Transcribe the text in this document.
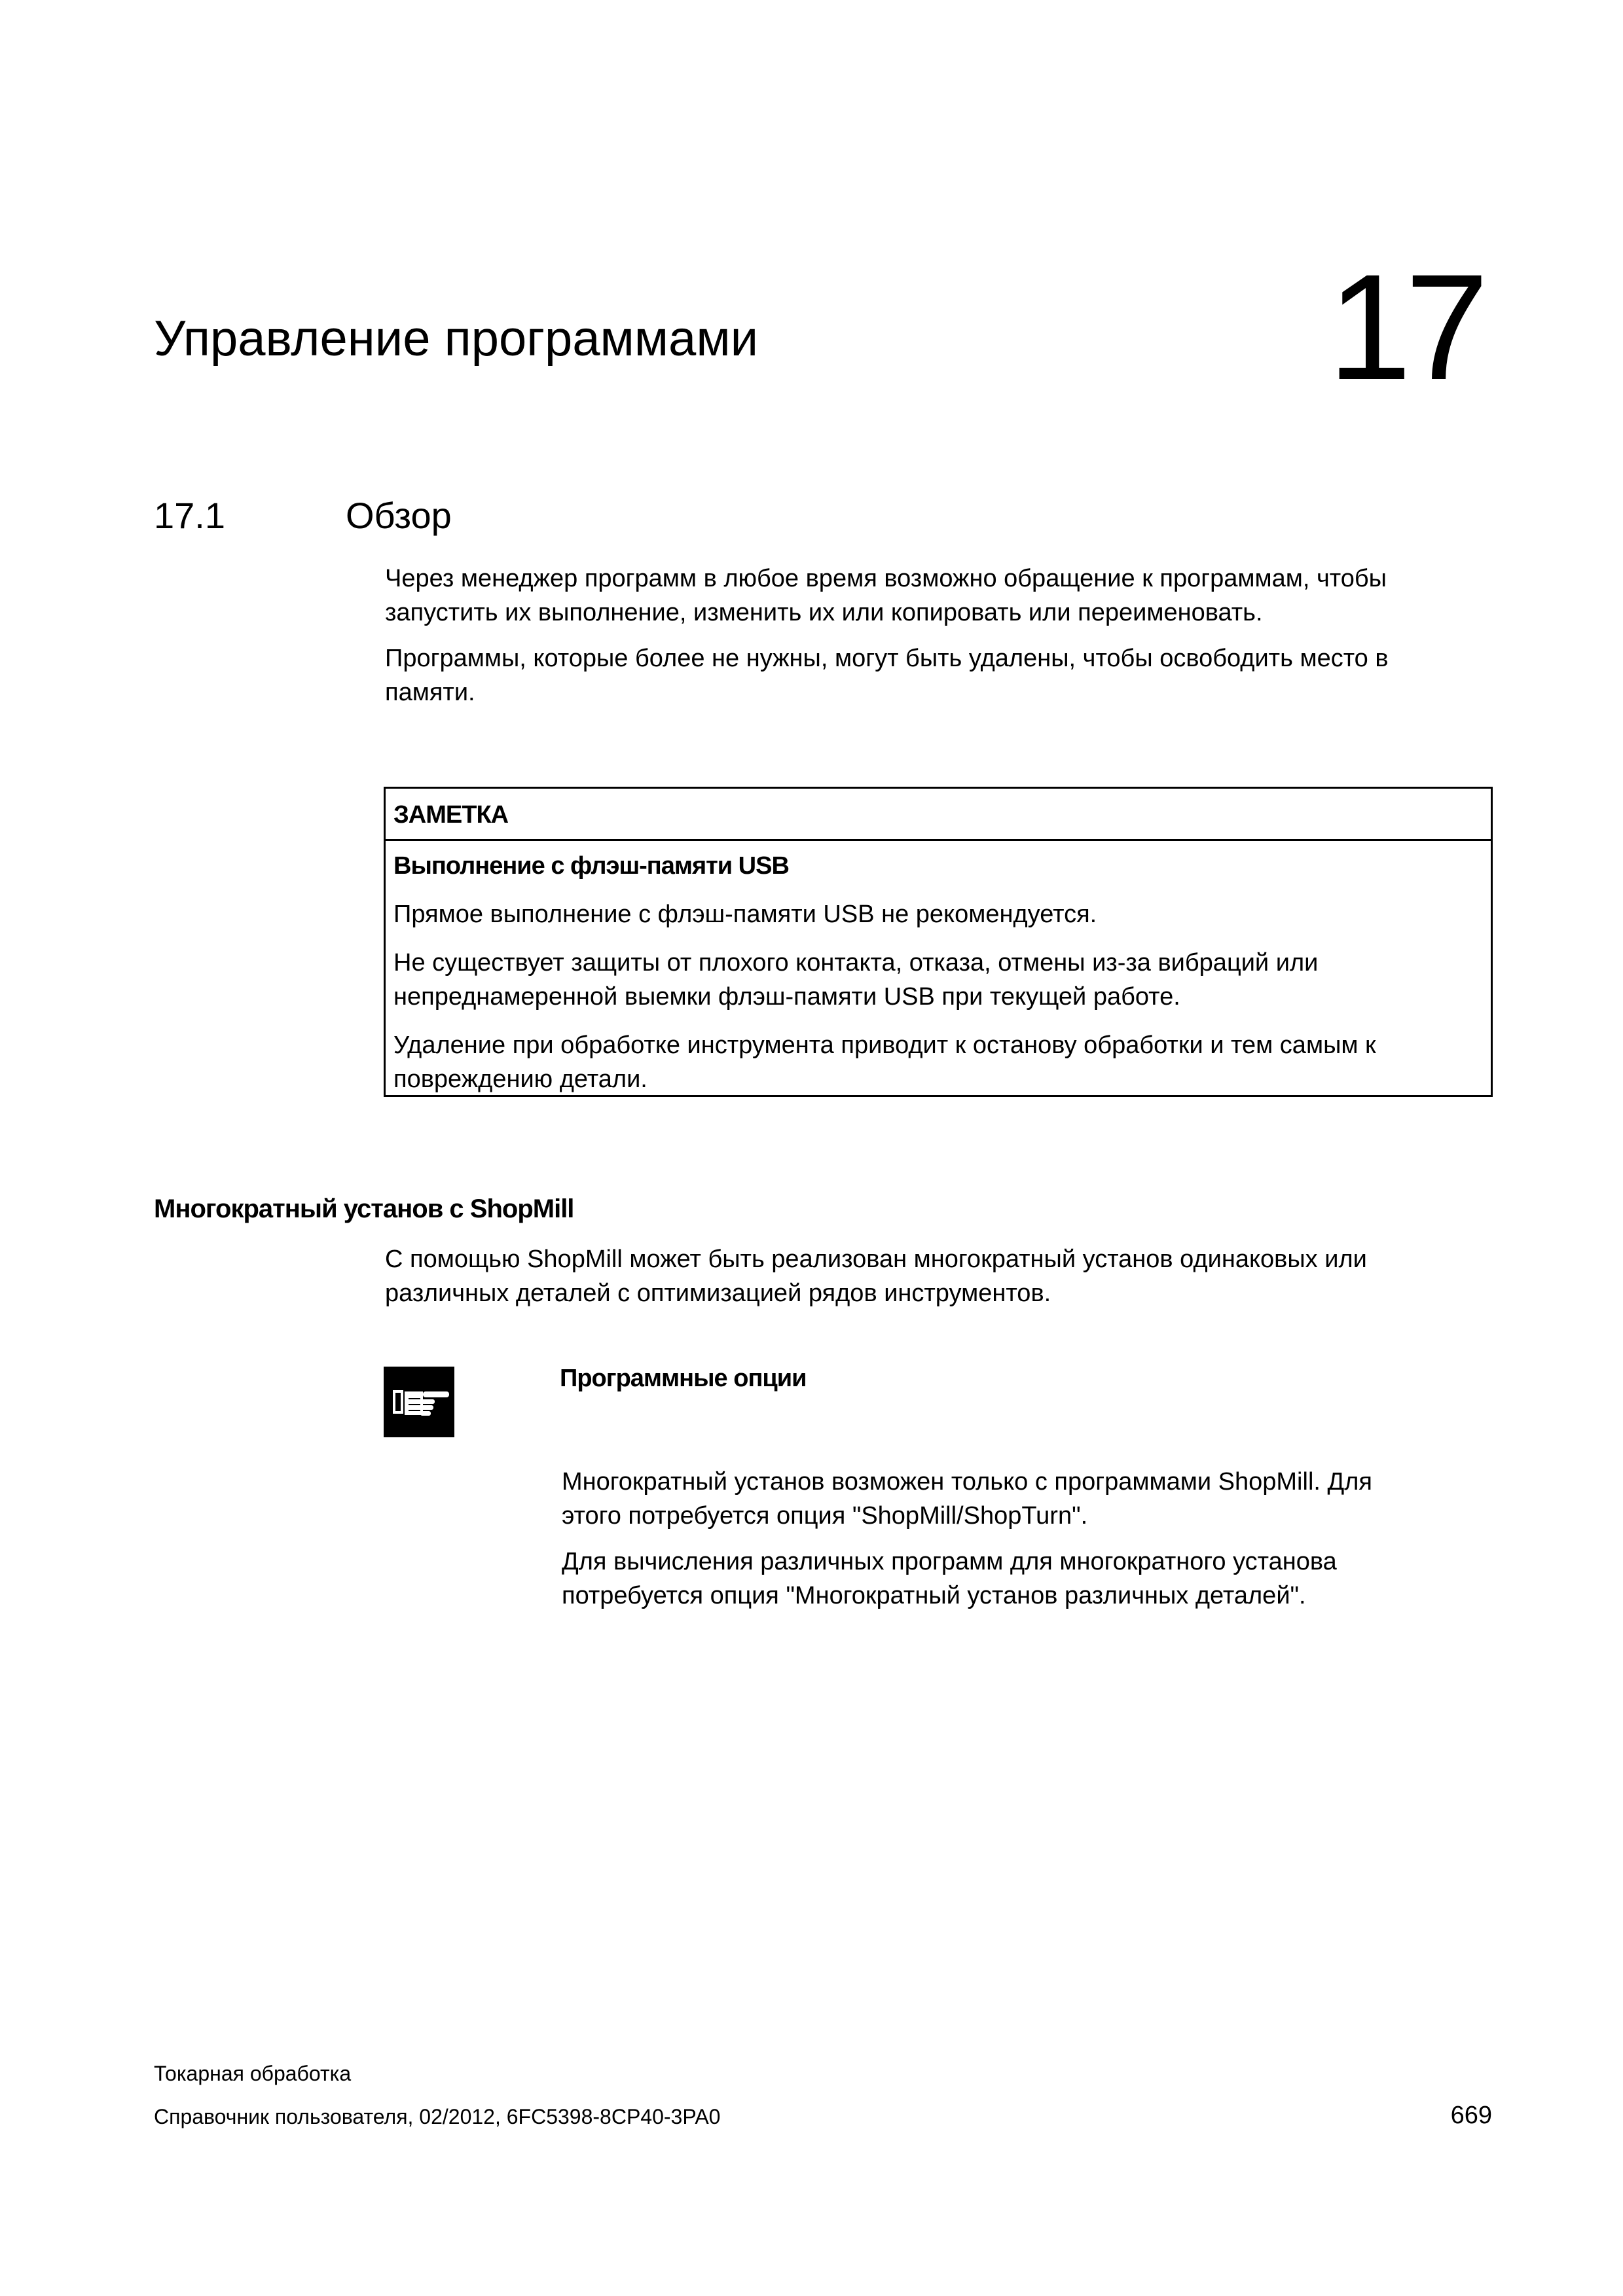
Управление программами	17
17.1	Обзор
Через менеджер программ в любое время возможно обращение к программам, чтобы
запустить их выполнение, изменить их или копировать или переименовать.
Программы, которые более не нужны, могут быть удалены, чтобы освободить место в
памяти.
ЗАМЕТКА
Выполнение с флэш-памяти USB
Прямое выполнение с флэш-памяти USB не рекомендуется.
Не существует защиты от плохого контакта, отказа, отмены из-за вибраций или
непреднамеренной выемки флэш-памяти USB при текущей работе.
Удаление при обработке инструмента приводит к останову обработки и тем самым к
повреждению детали.
Многократный установ с ShopMill
С помощью ShopMill может быть реализован многократный установ одинаковых или
различных деталей с оптимизацией рядов инструментов.
Программные опции
Многократный установ возможен только с программами ShopMill. Для
этого потребуется опция "ShopMill/ShopTurn".
Для вычисления различных программ для многократного установа
потребуется опция "Многократный установ различных деталей".
Токарная обработка
Справочник пользователя, 02/2012, 6FC5398-8CP40-3PA0	669
